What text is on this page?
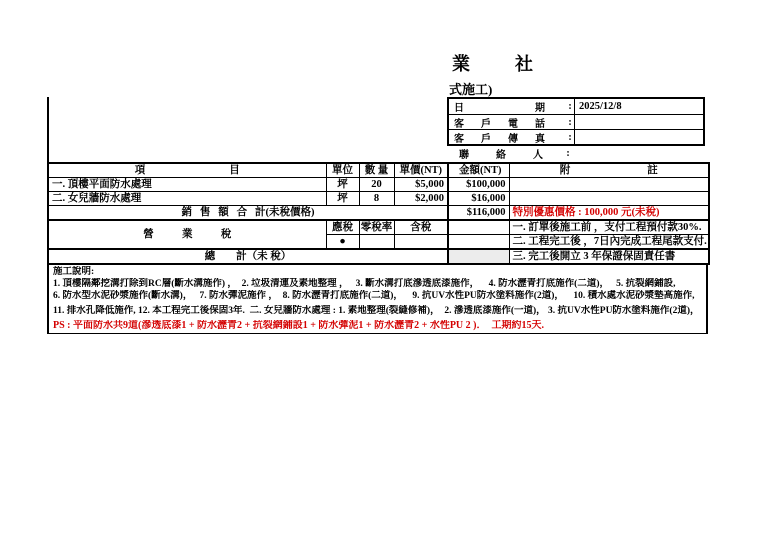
業 社
式施工)
日	期 : 2025/12/8
客 戶 電 話 :
客 戶 傳 真 :
聯	絡	人 :
項 目	單位	數 量	單價(NT)	金額(NT)	附 註

一. 頂樓平面防水處理	坪	20	$5,000	$100,000	
二. 女兒牆防水處理	坪	8	$2,000	$16,000	
銷   售   額   合   計(未稅價格)				$116,000	特別優惠價格 : 100,000 元(未稅)

營 業 稅	應稅	零稅率	含稅		一. 訂單後施工前 ，支付工程預付款30%.
	●				二. 工程完工後 ，7日內完成工程尾款支付.
總        計（未 稅）					三. 完工後開立 3 年保證保固責任書
施工說明:
1. 頂樓隔鄰挖溝打除到RC層(斷水溝施作) ，  2. 垃圾清運及素地整理 ，   3. 斷水溝打底滲透底漆施作，    4. 防水瀝青打底施作(二道)，   5. 抗裂網鋪設,
6. 防水型水泥砂漿施作(斷水溝)，   7. 防水彈泥施作 ，  8. 防水瀝青打底施作(二道)，    9. 抗UV水性PU防水塗料施作(2道)，    10. 積水處水泥砂漿墊高施作,
11. 排水孔降低施作, 12. 本工程完工後保固3年.  二. 女兒牆防水處理 : 1. 素地整理(裂縫修補)，  2. 滲透底漆施作(一道)， 3. 抗UV水性PU防水塗料施作(2道)，
PS : 平面防水共9道(滲透底漆1 + 防水瀝青2 + 抗裂網鋪設1 + 防水彈泥1 + 防水瀝青2 + 水性PU 2 )．  工期約15天.
